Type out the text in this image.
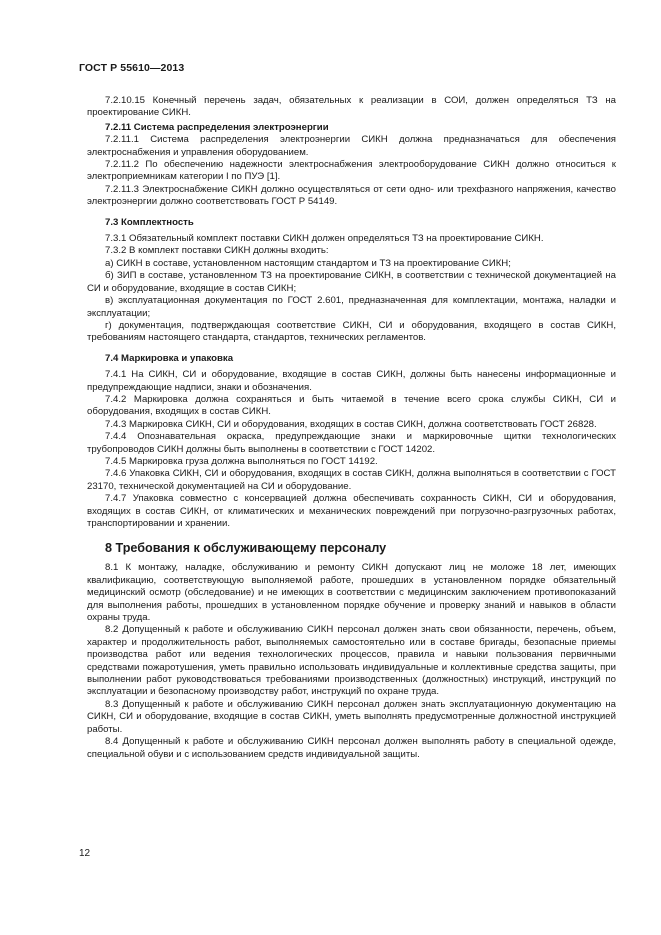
ГОСТ Р 55610—2013

7.2.10.15 Конечный перечень задач, обязательных к реализации в СОИ, должен определяться ТЗ на проектирование СИКН.

7.2.11 Система распределения электроэнергии

7.2.11.1 Система распределения электроэнергии СИКН должна предназначаться для обеспечения электроснабжения и управления оборудованием.

7.2.11.2 По обеспечению надежности электроснабжения электрооборудование СИКН должно относиться к электроприемникам категории I по ПУЭ [1].

7.2.11.3 Электроснабжение СИКН должно осуществляться от сети одно- или трехфазного напряжения, качество электроэнергии должно соответствовать ГОСТ Р 54149.

7.3 Комплектность

7.3.1 Обязательный комплект поставки СИКН должен определяться ТЗ на проектирование СИКН.

7.3.2 В комплект поставки СИКН должны входить:

а) СИКН в составе, установленном настоящим стандартом и ТЗ на проектирование СИКН;

б) ЗИП в составе, установленном ТЗ на проектирование СИКН, в соответствии с технической документацией на СИ и оборудование, входящие в состав СИКН;

в) эксплуатационная документация по ГОСТ 2.601, предназначенная для комплектации, монтажа, наладки и эксплуатации;

г) документация, подтверждающая соответствие СИКН, СИ и оборудования, входящего в состав СИКН, требованиям настоящего стандарта, стандартов, технических регламентов.

7.4 Маркировка и упаковка

7.4.1 На СИКН, СИ и оборудование, входящие в состав СИКН, должны быть нанесены информационные и предупреждающие надписи, знаки и обозначения.

7.4.2 Маркировка должна сохраняться и быть читаемой в течение всего срока службы СИКН, СИ и оборудования, входящих в состав СИКН.

7.4.3 Маркировка СИКН, СИ и оборудования, входящих в состав СИКН, должна соответствовать ГОСТ 26828.

7.4.4 Опознавательная окраска, предупреждающие знаки и маркировочные щитки технологических трубопроводов СИКН должны быть выполнены в соответствии с ГОСТ 14202.

7.4.5 Маркировка груза должна выполняться по ГОСТ 14192.

7.4.6 Упаковка СИКН, СИ и оборудования, входящих в состав СИКН, должна выполняться в соответствии с ГОСТ 23170, технической документацией на СИ и оборудование.

7.4.7 Упаковка совместно с консервацией должна обеспечивать сохранность СИКН, СИ и оборудования, входящих в состав СИКН, от климатических и механических повреждений при погрузочно-разгрузочных работах, транспортировании и хранении.

8 Требования к обслуживающему персоналу

8.1 К монтажу, наладке, обслуживанию и ремонту СИКН допускают лиц не моложе 18 лет, имеющих квалификацию, соответствующую выполняемой работе, прошедших в установленном порядке обязательный медицинский осмотр (обследование) и не имеющих в соответствии с медицинским заключением противопоказаний для выполнения работы, прошедших в установленном порядке обучение и проверку знаний и навыков в области охраны труда.

8.2 Допущенный к работе и обслуживанию СИКН персонал должен знать свои обязанности, перечень, объем, характер и продолжительность работ, выполняемых самостоятельно или в составе бригады, безопасные приемы производства работ или ведения технологических процессов, правила и навыки пользования первичными средствами пожаротушения, уметь правильно использовать индивидуальные и коллективные средства защиты, при выполнении работ руководствоваться требованиями производственных (должностных) инструкций, инструкций по эксплуатации и безопасному производству работ, инструкций по охране труда.

8.3 Допущенный к работе и обслуживанию СИКН персонал должен знать эксплуатационную документацию на СИКН, СИ и оборудование, входящие в состав СИКН, уметь выполнять предусмотренные должностной инструкцией работы.

8.4 Допущенный к работе и обслуживанию СИКН персонал должен выполнять работу в специальной одежде, специальной обуви и с использованием средств индивидуальной защиты.

12
